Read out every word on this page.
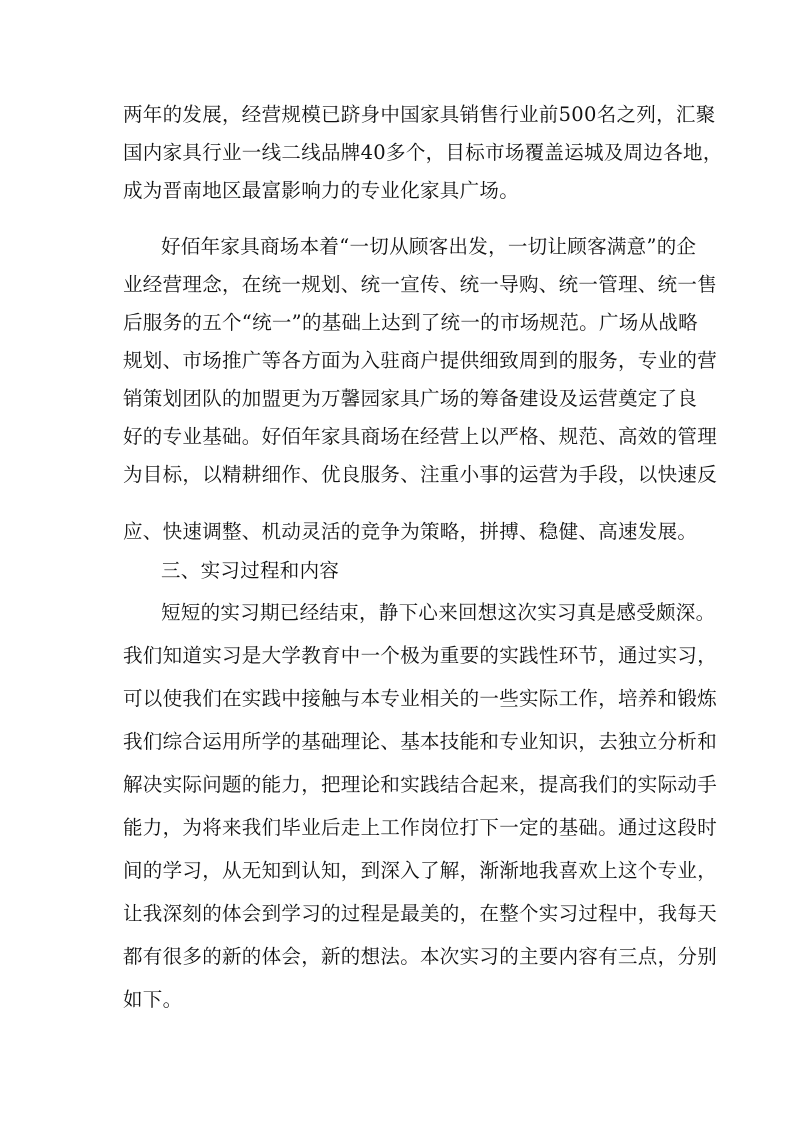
两年的发展，经营规模已跻身中国家具销售行业前500名之列，汇聚
国内家具行业一线二线品牌40多个，目标市场覆盖运城及周边各地，
成为晋南地区最富影响力的专业化家具广场。
好佰年家具商场本着“一切从顾客出发，一切让顾客满意”的企
业经营理念，在统一规划、统一宣传、统一导购、统一管理、统一售
后服务的五个“统一”的基础上达到了统一的市场规范。广场从战略
规划、市场推广等各方面为入驻商户提供细致周到的服务，专业的营
销策划团队的加盟更为万馨园家具广场的筹备建设及运营奠定了良
好的专业基础。好佰年家具商场在经营上以严格、规范、高效的管理
为目标，以精耕细作、优良服务、注重小事的运营为手段，以快速反
应、快速调整、机动灵活的竞争为策略，拼搏、稳健、高速发展。
三、实习过程和内容
短短的实习期已经结束，静下心来回想这次实习真是感受颇深。
我们知道实习是大学教育中一个极为重要的实践性环节，通过实习，
可以使我们在实践中接触与本专业相关的一些实际工作，培养和锻炼
我们综合运用所学的基础理论、基本技能和专业知识，去独立分析和
解决实际问题的能力，把理论和实践结合起来，提高我们的实际动手
能力，为将来我们毕业后走上工作岗位打下一定的基础。通过这段时
间的学习，从无知到认知，到深入了解，渐渐地我喜欢上这个专业，
让我深刻的体会到学习的过程是最美的，在整个实习过程中，我每天
都有很多的新的体会，新的想法。本次实习的主要内容有三点，分别
如下。
